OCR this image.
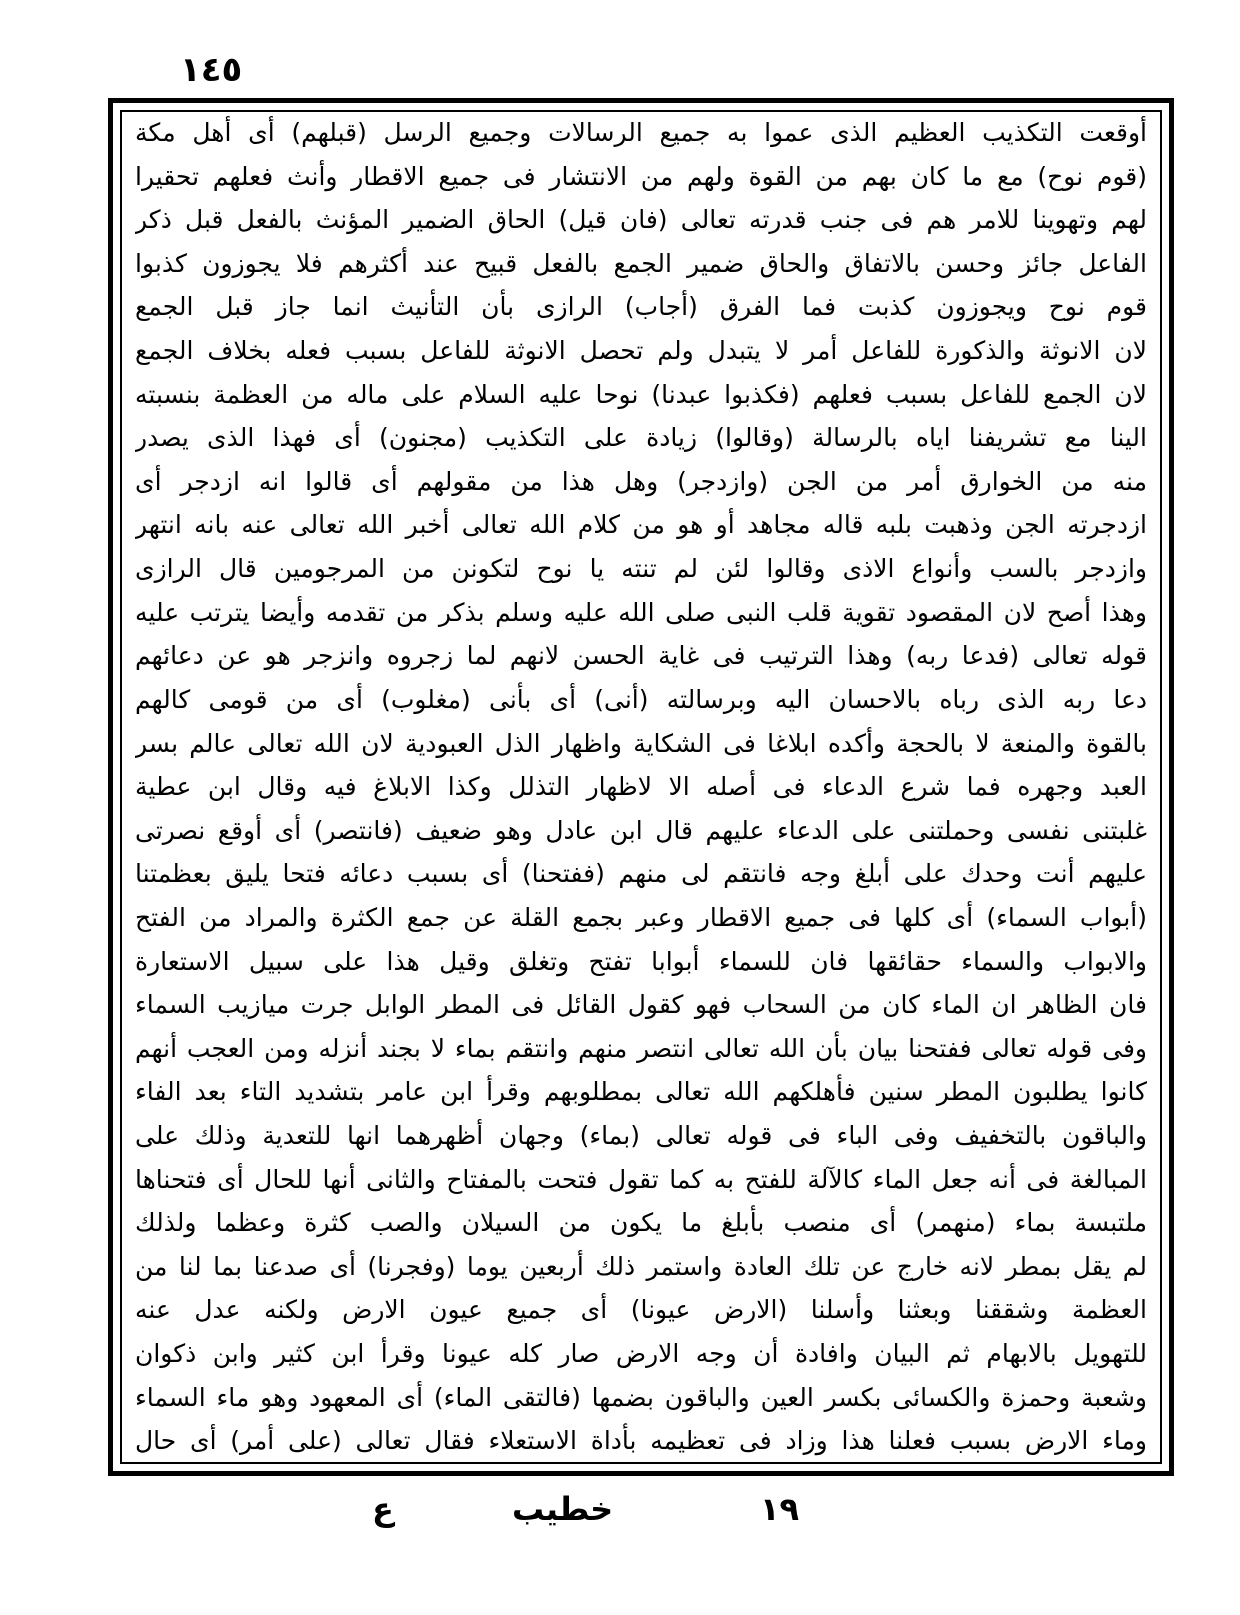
١٤٥
أوقعت التكذيب العظيم الذى عموا به جميع الرسالات وجميع الرسل (قبلهم) أى أهل مكة
(قوم نوح) مع ما كان بهم من القوة ولهم من الانتشار فى جميع الاقطار وأنث فعلهم تحقيرا
لهم وتهوينا للامر هم فى جنب قدرته تعالى (فان قيل) الحاق الضمير المؤنث بالفعل قبل ذكر
الفاعل جائز وحسن بالاتفاق والحاق ضمير الجمع بالفعل قبيح عند أكثرهم فلا يجوزون كذبوا
قوم نوح ويجوزون كذبت فما الفرق (أجاب) الرازى بأن التأنيث انما جاز قبل الجمع
لان الانوثة والذكورة للفاعل أمر لا يتبدل ولم تحصل الانوثة للفاعل بسبب فعله بخلاف الجمع
لان الجمع للفاعل بسبب فعلهم (فكذبوا عبدنا) نوحا عليه السلام على ماله من العظمة بنسبته
الينا مع تشريفنا اياه بالرسالة (وقالوا) زيادة على التكذيب (مجنون) أى فهذا الذى يصدر
منه من الخوارق أمر من الجن (وازدجر) وهل هذا من مقولهم أى قالوا انه ازدجر أى
ازدجرته الجن وذهبت بلبه قاله مجاهد أو هو من كلام الله تعالى أخبر الله تعالى عنه بانه انتهر
وازدجر بالسب وأنواع الاذى وقالوا لئن لم تنته يا نوح لتكونن من المرجومين قال الرازى
وهذا أصح لان المقصود تقوية قلب النبى صلى الله عليه وسلم بذكر من تقدمه وأيضا يترتب عليه
قوله تعالى (فدعا ربه) وهذا الترتيب فى غاية الحسن لانهم لما زجروه وانزجر هو عن دعائهم
دعا ربه الذى رباه بالاحسان اليه وبرسالته (أنى) أى بأنى (مغلوب) أى من قومى كالهم
بالقوة والمنعة لا بالحجة وأكده ابلاغا فى الشكاية واظهار الذل العبودية لان الله تعالى عالم بسر
العبد وجهره فما شرع الدعاء فى أصله الا لاظهار التذلل وكذا الابلاغ فيه وقال ابن عطية
غلبتنى نفسى وحملتنى على الدعاء عليهم قال ابن عادل وهو ضعيف (فانتصر) أى أوقع نصرتى
عليهم أنت وحدك على أبلغ وجه فانتقم لى منهم (ففتحنا) أى بسبب دعائه فتحا يليق بعظمتنا
(أبواب السماء) أى كلها فى جميع الاقطار وعبر بجمع القلة عن جمع الكثرة والمراد من الفتح
والابواب والسماء حقائقها فان للسماء أبوابا تفتح وتغلق وقيل هذا على سبيل الاستعارة
فان الظاهر ان الماء كان من السحاب فهو كقول القائل فى المطر الوابل جرت ميازيب السماء
وفى قوله تعالى ففتحنا بيان بأن الله تعالى انتصر منهم وانتقم بماء لا بجند أنزله ومن العجب أنهم
كانوا يطلبون المطر سنين فأهلكهم الله تعالى بمطلوبهم وقرأ ابن عامر بتشديد التاء بعد الفاء
والباقون بالتخفيف وفى الباء فى قوله تعالى (بماء) وجهان أظهرهما انها للتعدية وذلك على
المبالغة فى أنه جعل الماء كالآلة للفتح به كما تقول فتحت بالمفتاح والثانى أنها للحال أى فتحناها
ملتبسة بماء (منهمر) أى منصب بأبلغ ما يكون من السيلان والصب كثرة وعظما ولذلك
لم يقل بمطر لانه خارج عن تلك العادة واستمر ذلك أربعين يوما (وفجرنا) أى صدعنا بما لنا من
العظمة وشققنا وبعثنا وأسلنا (الارض عيونا) أى جميع عيون الارض ولكنه عدل عنه
للتهويل بالابهام ثم البيان وافادة أن وجه الارض صار كله عيونا وقرأ ابن كثير وابن ذكوان
وشعبة وحمزة والكسائى بكسر العين والباقون بضمها (فالتقى الماء) أى المعهود وهو ماء السماء
وماء الارض بسبب فعلنا هذا وزاد فى تعظيمه بأداة الاستعلاء فقال تعالى (على أمر) أى حال
ع	خطيب	١٩
